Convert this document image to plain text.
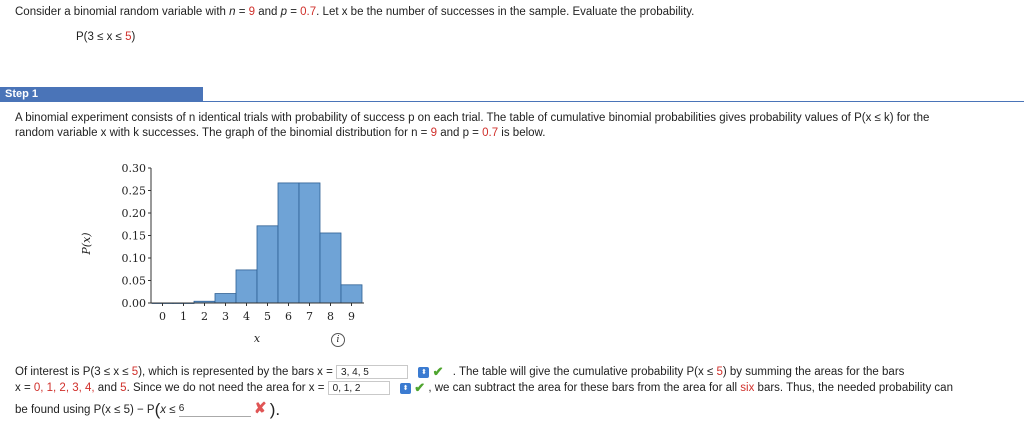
Consider a binomial random variable with n = 9 and p = 0.7. Let x be the number of successes in the sample. Evaluate the probability.
P(3 ≤ x ≤ 5)
Step 1
A binomial experiment consists of n identical trials with probability of success p on each trial. The table of cumulative binomial probabilities gives probability values of P(x ≤ k) for the
random variable x with k successes. The graph of the binomial distribution for n = 9 and p = 0.7 is below.
0.00
0.05
0.10
0.15
0.20
0.25
0.30
0 1 2 3 4 5 6 7 8 9
x
P(x)
i
Of interest is P(3 ≤ x ≤ 5), which is represented by the bars x = 3, 4, 5	⬍ ✔ . The table will give the cumulative probability P(x ≤ 5) by summing the areas for the bars
x = 0, 1, 2, 3, 4, and 5. Since we do not need the area for x = 0, 1, 2	⬍ ✔ , we can subtract the area for these bars from the area for all six bars. Thus, the needed probability can
be found using P(x ≤ 5) − P(x ≤ 6	✘ ).
